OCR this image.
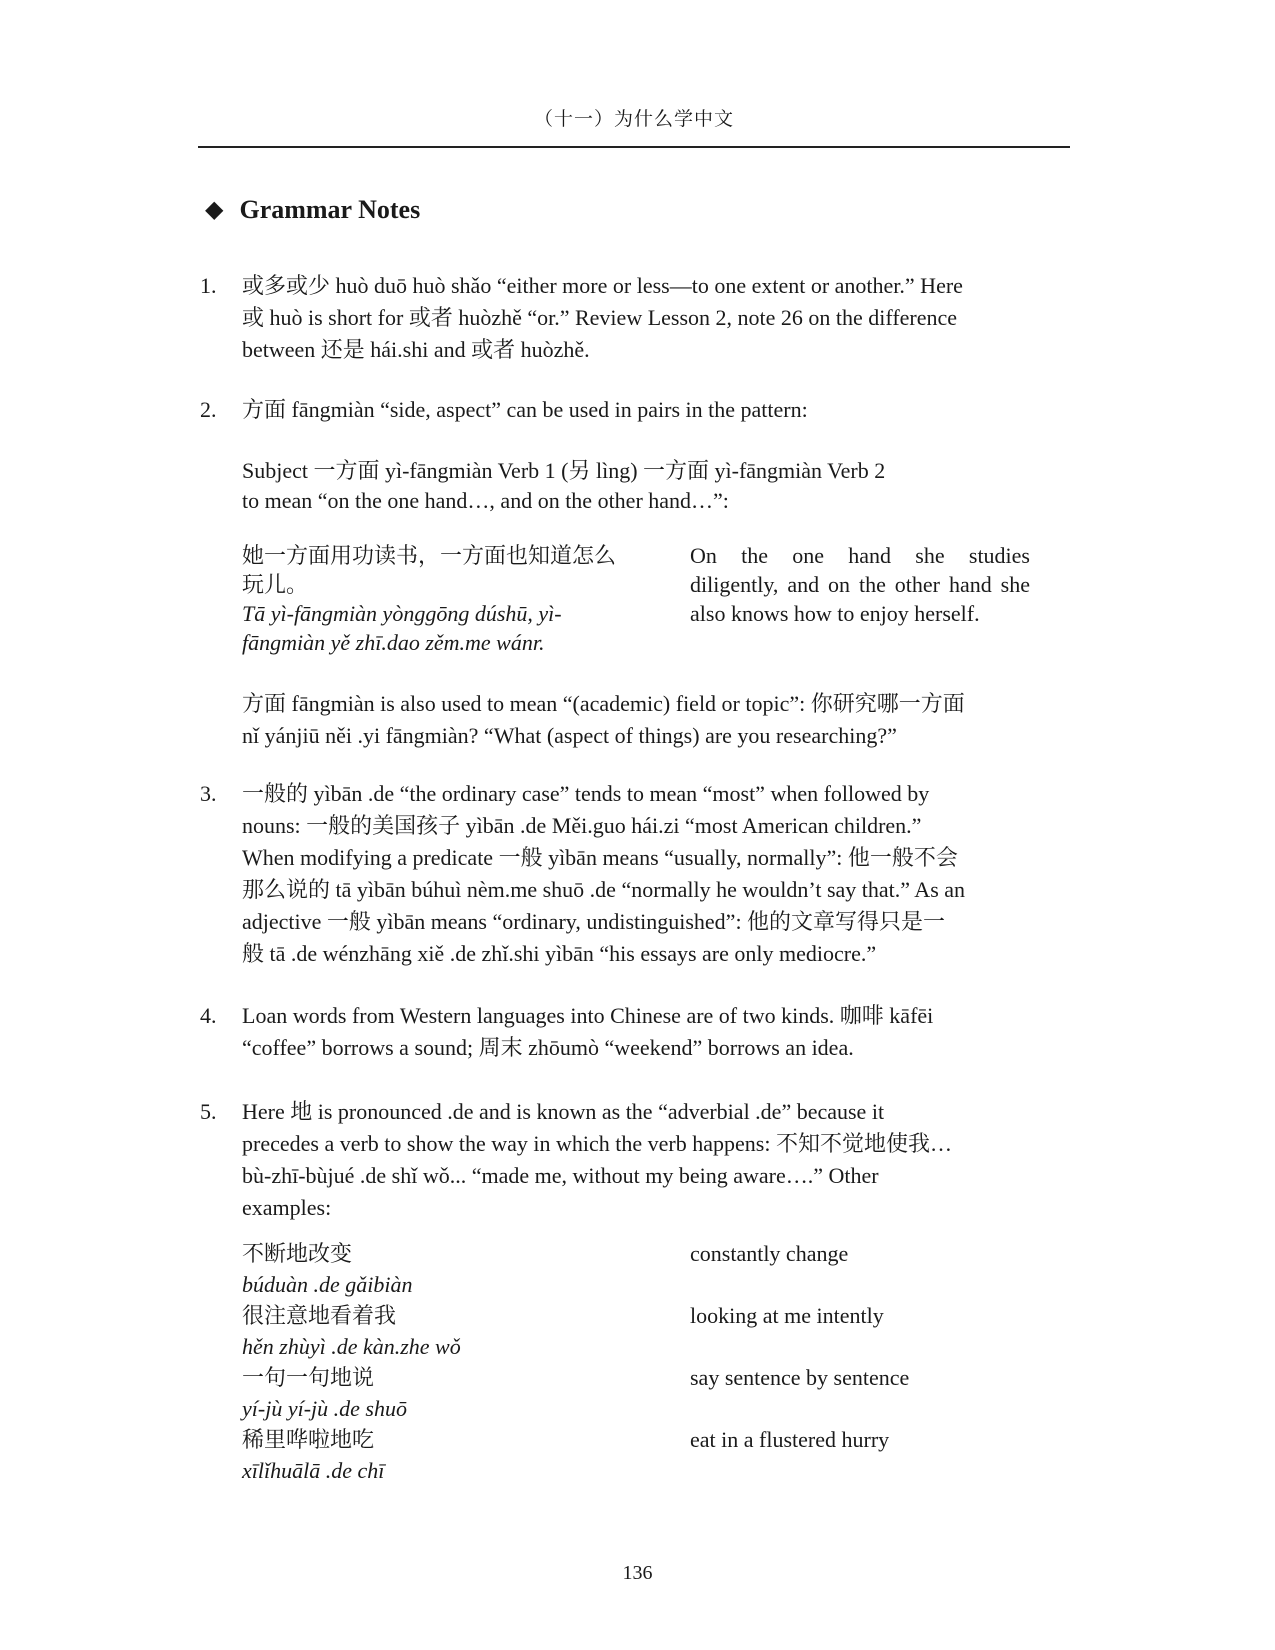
（十一）为什么学中文
◆ Grammar Notes
1.	或多或少 huò duō huò shǎo “either more or less—to one extent or another.” Here
或 huò is short for 或者 huòzhě “or.” Review Lesson 2, note 26 on the difference
between 还是 hái.shi and 或者 huòzhě.
2.	方面 fāngmiàn “side, aspect” can be used in pairs in the pattern:
Subject 一方面 yì-fāngmiàn Verb 1 (另 lìng) 一方面 yì-fāngmiàn Verb 2
to mean “on the one hand…, and on the other hand…”:
她一方面用功读书，一方面也知道怎么玩儿。
Tā yì-fāngmiàn yònggōng dúshū, yì-fāngmiàn yě zhī.dao zěm.me wánr.
On the one hand she studies diligently, and on the other hand she also knows how to enjoy herself.
方面 fāngmiàn is also used to mean “(academic) field or topic”: 你研究哪一方面
nǐ yánjiū něi .yi fāngmiàn? “What (aspect of things) are you researching?”
3.	一般的 yìbān .de “the ordinary case” tends to mean “most” when followed by
nouns: 一般的美国孩子 yìbān .de Měi.guo hái.zi “most American children.”
When modifying a predicate 一般 yìbān means “usually, normally”: 他一般不会
那么说的 tā yìbān búhuì nèm.me shuō .de “normally he wouldn’t say that.” As an
adjective 一般 yìbān means “ordinary, undistinguished”: 他的文章写得只是一
般 tā .de wénzhāng xiě .de zhǐ.shi yìbān “his essays are only mediocre.”
4.	Loan words from Western languages into Chinese are of two kinds. 咖啡 kāfēi
“coffee” borrows a sound; 周末 zhōumò “weekend” borrows an idea.
5.	Here 地 is pronounced .de and is known as the “adverbial .de” because it
precedes a verb to show the way in which the verb happens: 不知不觉地使我…
bù-zhī-bùjué .de shǐ wǒ... “made me, without my being aware….” Other
examples:
不断地改变
búduàn .de gǎibiàn
constantly change
很注意地看着我
hěn zhùyì .de kàn.zhe wǒ
looking at me intently
一句一句地说
yí-jù yí-jù .de shuō
say sentence by sentence
稀里哗啦地吃
xīlǐhuālā .de chī
eat in a flustered hurry
136
